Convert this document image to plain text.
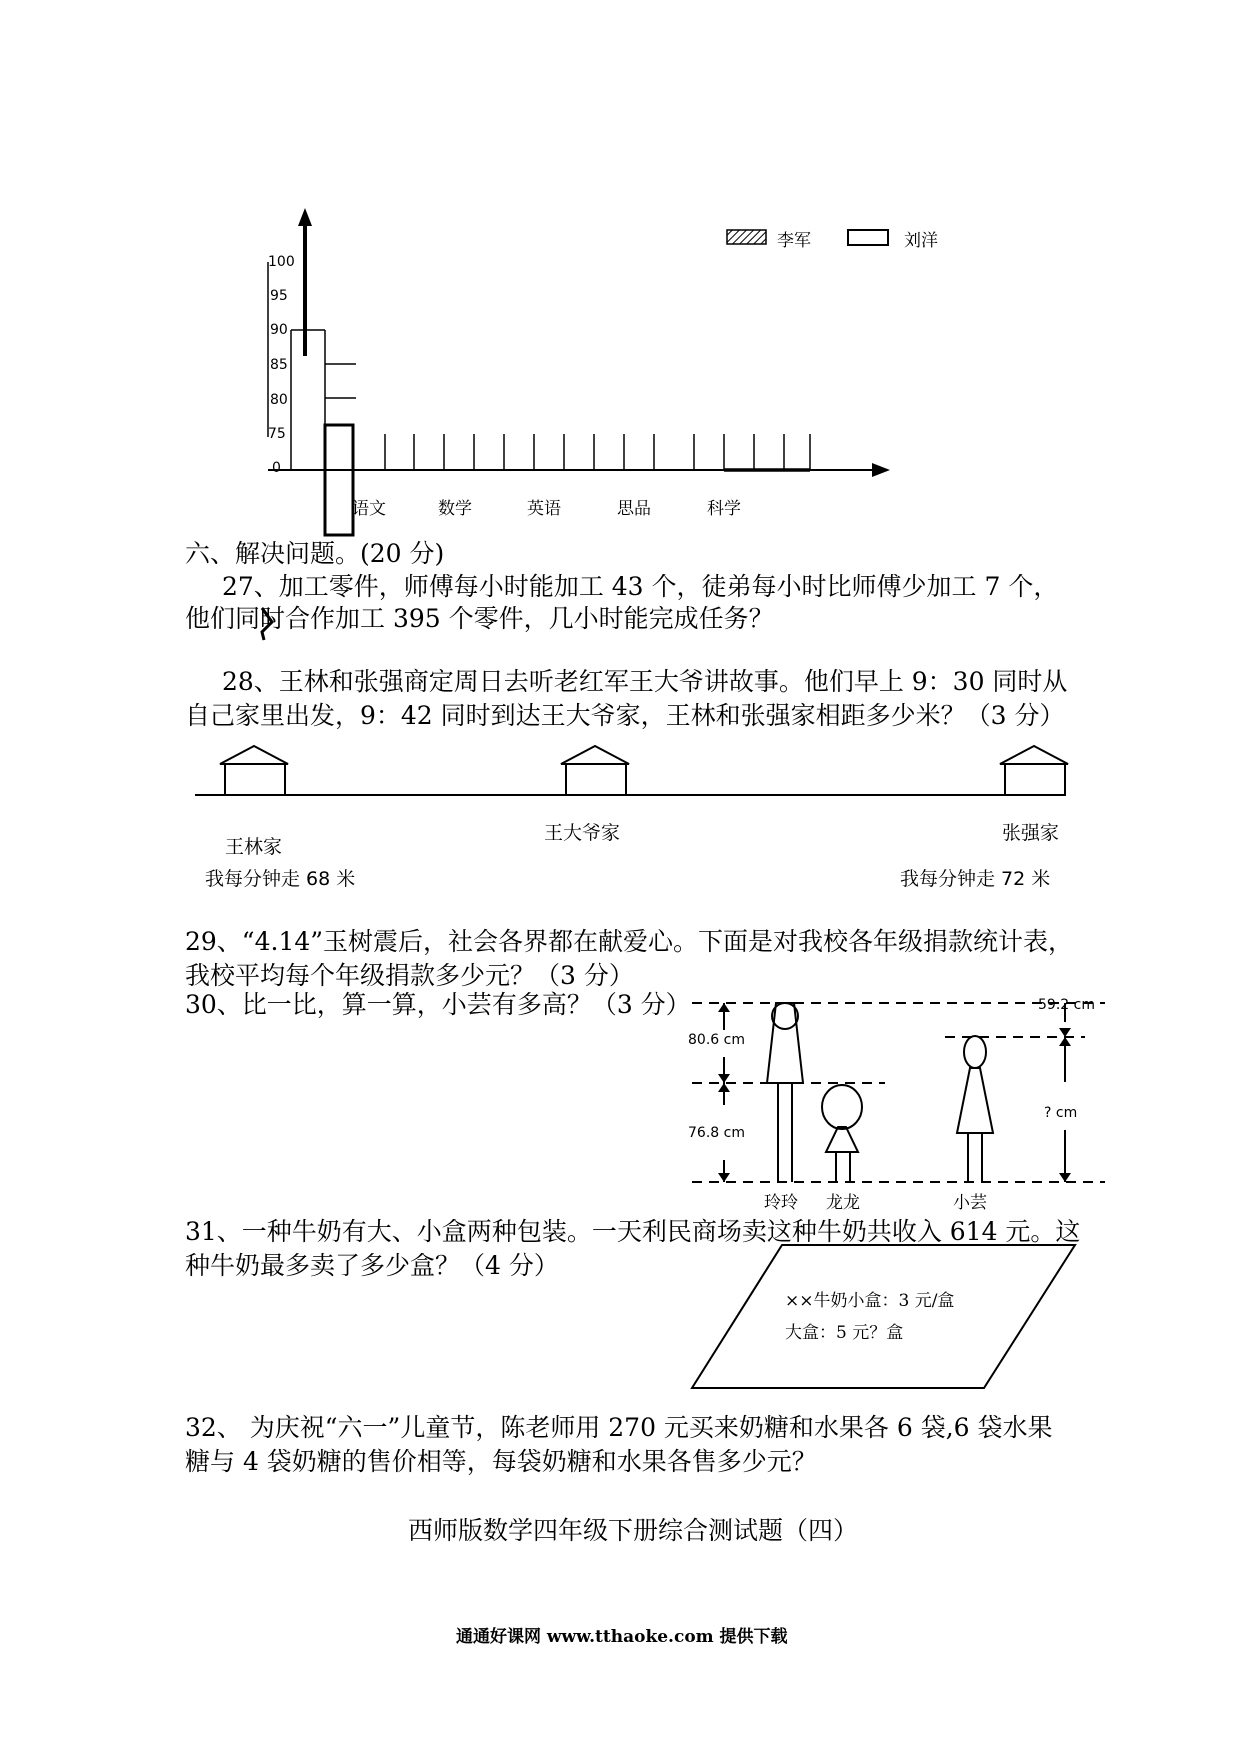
李军	刘洋
100
95
90
85
80
75
0
语文	数学	英语	思品	科学
六、解决问题。(20 分)
27、加工零件，师傅每小时能加工 43 个，徒弟每小时比师傅少加工 7 个，
他们同时合作加工 395 个零件，几小时能完成任务？
28、王林和张强商定周日去听老红军王大爷讲故事。他们早上 9：30 同时从
自己家里出发，9：42 同时到达王大爷家，王林和张强家相距多少米？（3 分）
王林家
王大爷家	张强家
我每分钟走 68 米	我每分钟走 72 米
29、“4.14”玉树震后，社会各界都在献爱心。下面是对我校各年级捐款统计表，
我校平均每个年级捐款多少元？（3 分）
30、比一比，算一算，小芸有多高？（3 分）
80.6 cm
76.8 cm
59.2 cm
? cm
玲玲 龙龙	小芸
31、一种牛奶有大、小盒两种包装。一天利民商场卖这种牛奶共收入 614 元。这
种牛奶最多卖了多少盒？（4 分）
××牛奶小盒：3 元/盒
大盒：5 元？盒
32、 为庆祝“六一”儿童节，陈老师用 270 元买来奶糖和水果各 6 袋,6 袋水果
糖与 4 袋奶糖的售价相等，每袋奶糖和水果各售多少元？
西师版数学四年级下册综合测试题（四）
通通好课网 www.tthaoke.com 提供下载
